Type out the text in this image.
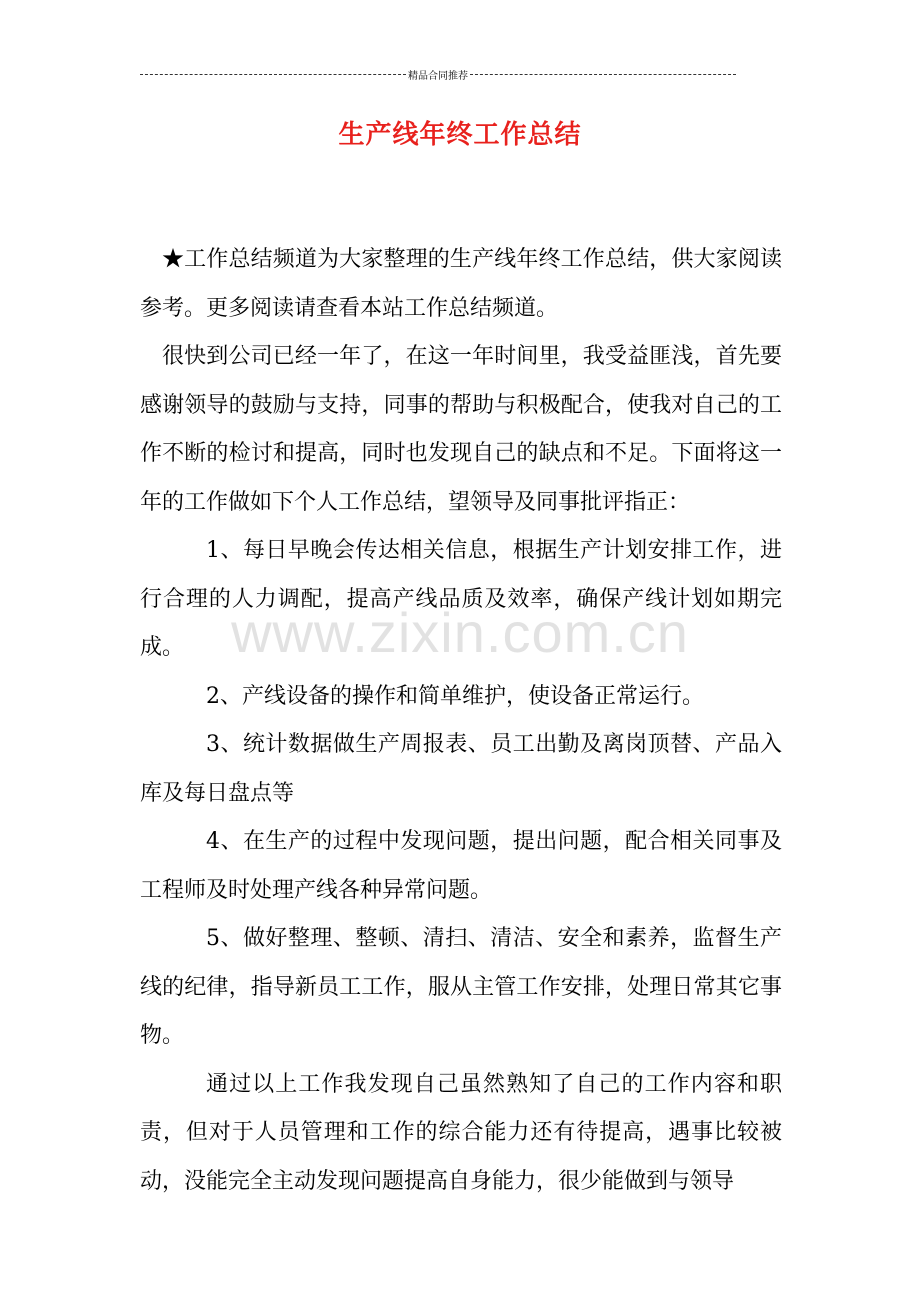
精品合同推荐
生产线年终工作总结

★工作总结频道为大家整理的生产线年终工作总结，供大家阅读参考。更多阅读请查看本站工作总结频道。

很快到公司已经一年了，在这一年时间里，我受益匪浅，首先要感谢领导的鼓励与支持，同事的帮助与积极配合，使我对自己的工作不断的检讨和提高，同时也发现自己的缺点和不足。下面将这一年的工作做如下个人工作总结，望领导及同事批评指正：

1、每日早晚会传达相关信息，根据生产计划安排工作，进行合理的人力调配，提高产线品质及效率，确保产线计划如期完成。

2、产线设备的操作和简单维护，使设备正常运行。

3、统计数据做生产周报表、员工出勤及离岗顶替、产品入库及每日盘点等

4、在生产的过程中发现问题，提出问题，配合相关同事及工程师及时处理产线各种异常问题。

5、做好整理、整顿、清扫、清洁、安全和素养，监督生产线的纪律，指导新员工工作，服从主管工作安排，处理日常其它事物。

通过以上工作我发现自己虽然熟知了自己的工作内容和职责，但对于人员管理和工作的综合能力还有待提高，遇事比较被动，没能完全主动发现问题提高自身能力，很少能做到与领导

www.zixin.com.cn
